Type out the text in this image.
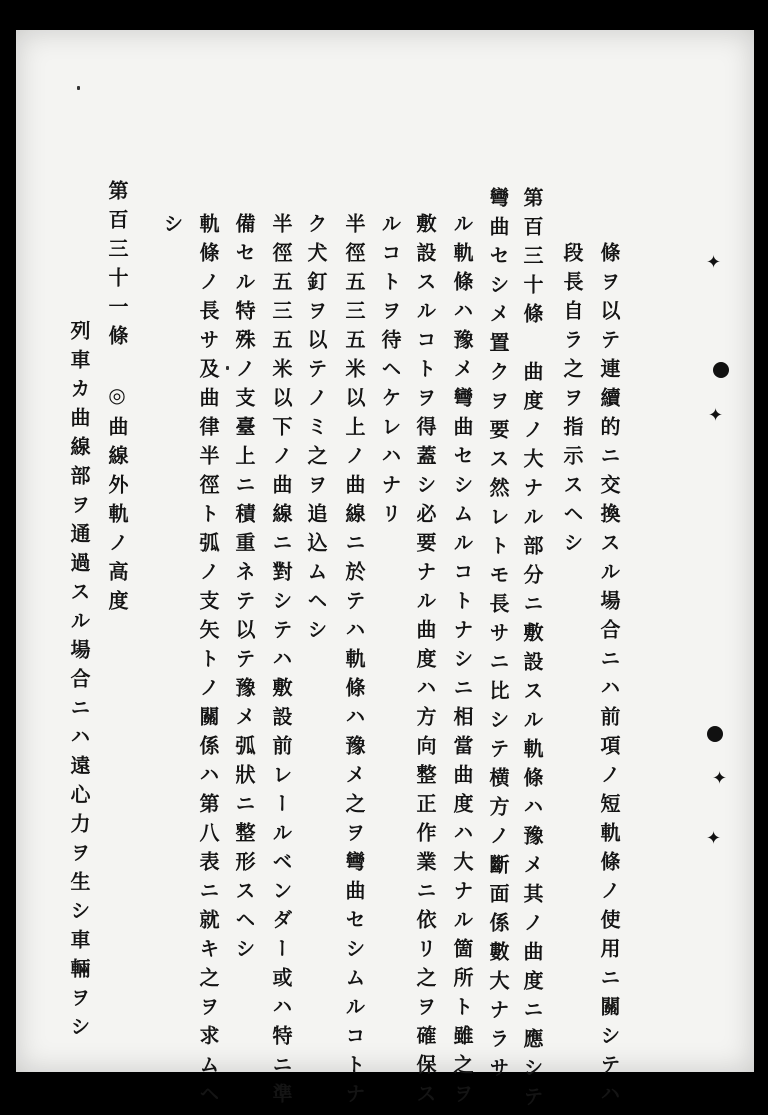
條ヲ以テ連續的ニ交換スル場合ニハ前項ノ短軌條ノ使用ニ關シテハ
段長自ラ之ヲ指示スヘシ
第百三十條　曲度ノ大ナル部分ニ敷設スル軌條ハ豫メ其ノ曲度ニ應シテ
彎曲セシメ置クヲ要ス然レトモ長サニ比シテ横方ノ斷面係數大ナラサ
ル軌條ハ豫メ彎曲セシムルコトナシニ相當曲度ハ大ナル箇所ト雖之ヲ
敷設スルコトヲ得蓋シ必要ナル曲度ハ方向整正作業ニ依リ之ヲ確保ス
ルコトヲ待ヘケレハナリ
半徑五三五米以上ノ曲線ニ於テハ軌條ハ豫メ之ヲ彎曲セシムルコトナ
ク犬釘ヲ以テノミ之ヲ追込ムヘシ
半徑五三五米以下ノ曲線ニ對シテハ敷設前レールベンダー或ハ特ニ準
備セル特殊ノ支臺上ニ積重ネテ以テ豫メ弧狀ニ整形スヘシ
軌條ノ長サ及曲律半徑ト弧ノ支矢トノ關係ハ第八表ニ就キ之ヲ求ムヘ
シ
第百三十一條　◎曲線外軌ノ高度
列車カ曲線部ヲ通過スル場合ニハ遠心力ヲ生シ車輛ヲシ
✦
✦
✦
✦
